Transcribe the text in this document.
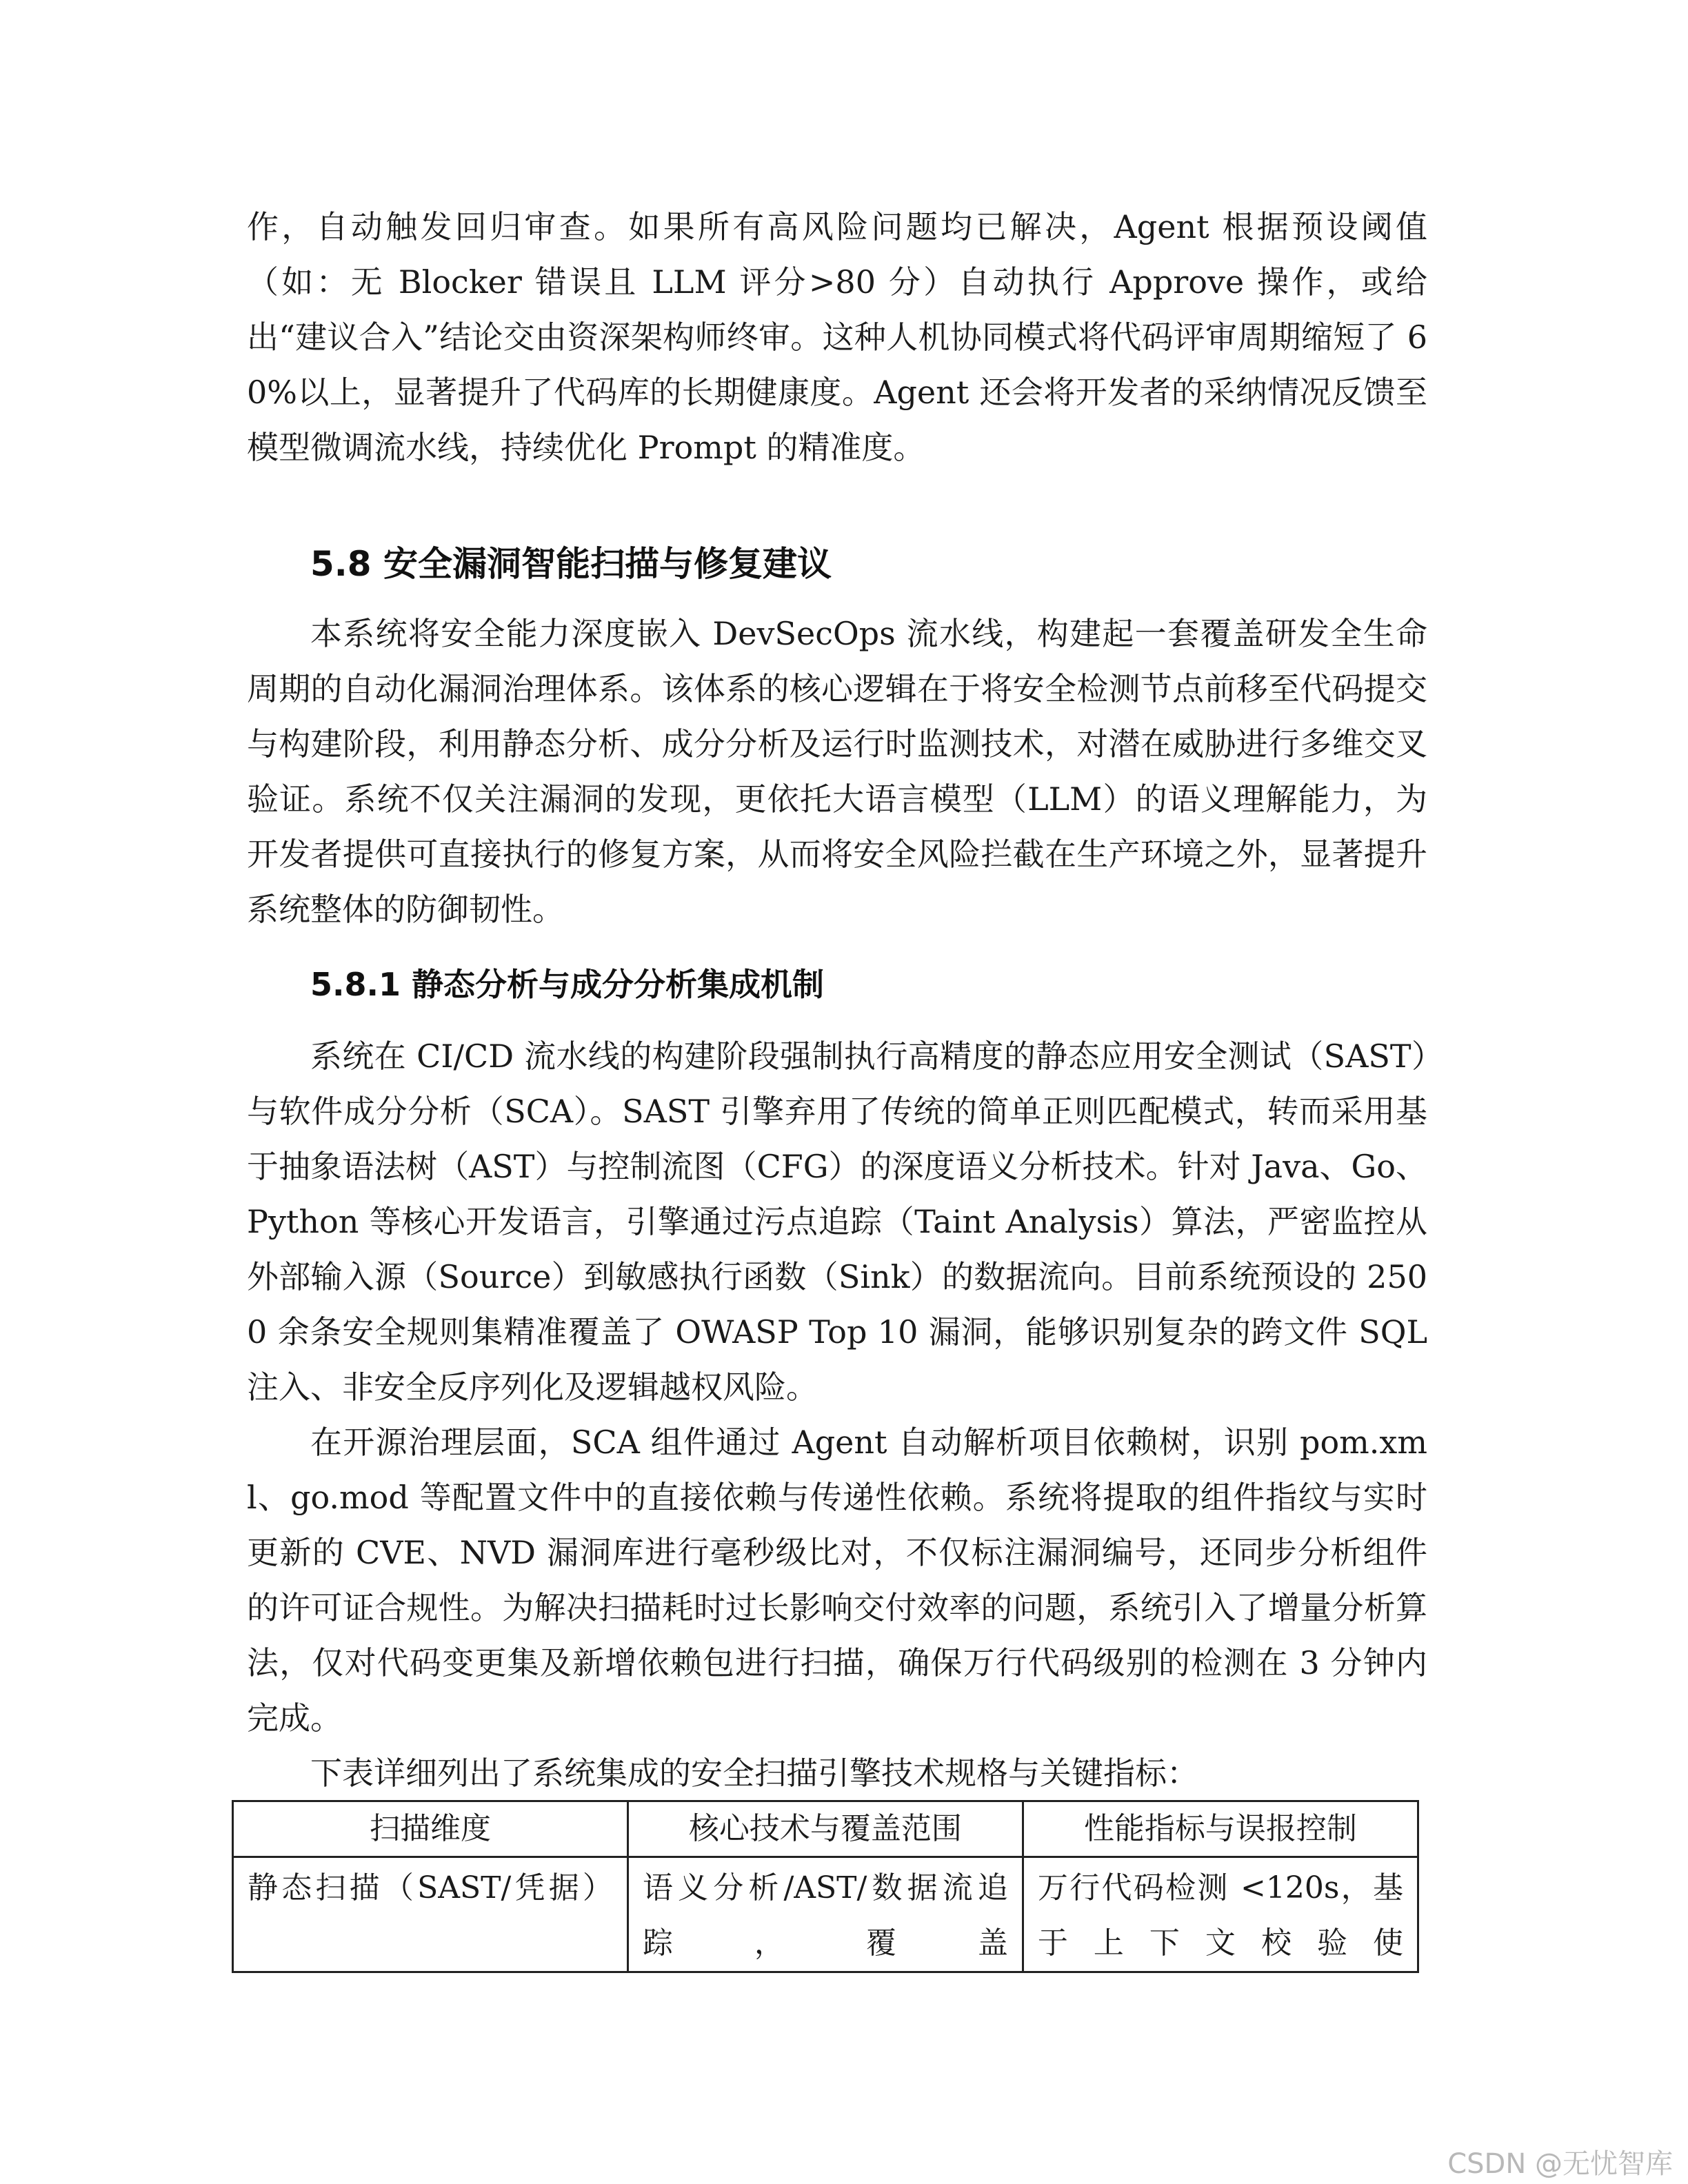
作，自动触发回归审查。如果所有高风险问题均已解决，Agent 根据预设阈值（如：无 Blocker 错误且 LLM 评分>80 分）自动执行 Approve 操作，或给出“建议合入”结论交由资深架构师终审。这种人机协同模式将代码评审周期缩短了 60%以上，显著提升了代码库的长期健康度。Agent 还会将开发者的采纳情况反馈至模型微调流水线，持续优化 Prompt 的精准度。

5.8 安全漏洞智能扫描与修复建议

本系统将安全能力深度嵌入 DevSecOps 流水线，构建起一套覆盖研发全生命周期的自动化漏洞治理体系。该体系的核心逻辑在于将安全检测节点前移至代码提交与构建阶段，利用静态分析、成分分析及运行时监测技术，对潜在威胁进行多维交叉验证。系统不仅关注漏洞的发现，更依托大语言模型（LLM）的语义理解能力，为开发者提供可直接执行的修复方案，从而将安全风险拦截在生产环境之外，显著提升系统整体的防御韧性。

5.8.1 静态分析与成分分析集成机制

系统在 CI/CD 流水线的构建阶段强制执行高精度的静态应用安全测试（SAST）与软件成分分析（SCA）。SAST 引擎弃用了传统的简单正则匹配模式，转而采用基于抽象语法树（AST）与控制流图（CFG）的深度语义分析技术。针对 Java、Go、Python 等核心开发语言，引擎通过污点追踪（Taint Analysis）算法，严密监控从外部输入源（Source）到敏感执行函数（Sink）的数据流向。目前系统预设的 2500 余条安全规则集精准覆盖了 OWASP Top 10 漏洞，能够识别复杂的跨文件 SQL 注入、非安全反序列化及逻辑越权风险。

在开源治理层面，SCA 组件通过 Agent 自动解析项目依赖树，识别 pom.xml、go.mod 等配置文件中的直接依赖与传递性依赖。系统将提取的组件指纹与实时更新的 CVE、NVD 漏洞库进行毫秒级比对，不仅标注漏洞编号，还同步分析组件的许可证合规性。为解决扫描耗时过长影响交付效率的问题，系统引入了增量分析算法，仅对代码变更集及新增依赖包进行扫描，确保万行代码级别的检测在 3 分钟内完成。

下表详细列出了系统集成的安全扫描引擎技术规格与关键指标：

扫描维度	核心技术与覆盖范围	性能指标与误报控制
静态扫描（SAST/凭据）	语义分析/AST/数据流追踪，覆盖	万行代码检测 <120s，基于上下文校验使
CSDN @无忧智库
